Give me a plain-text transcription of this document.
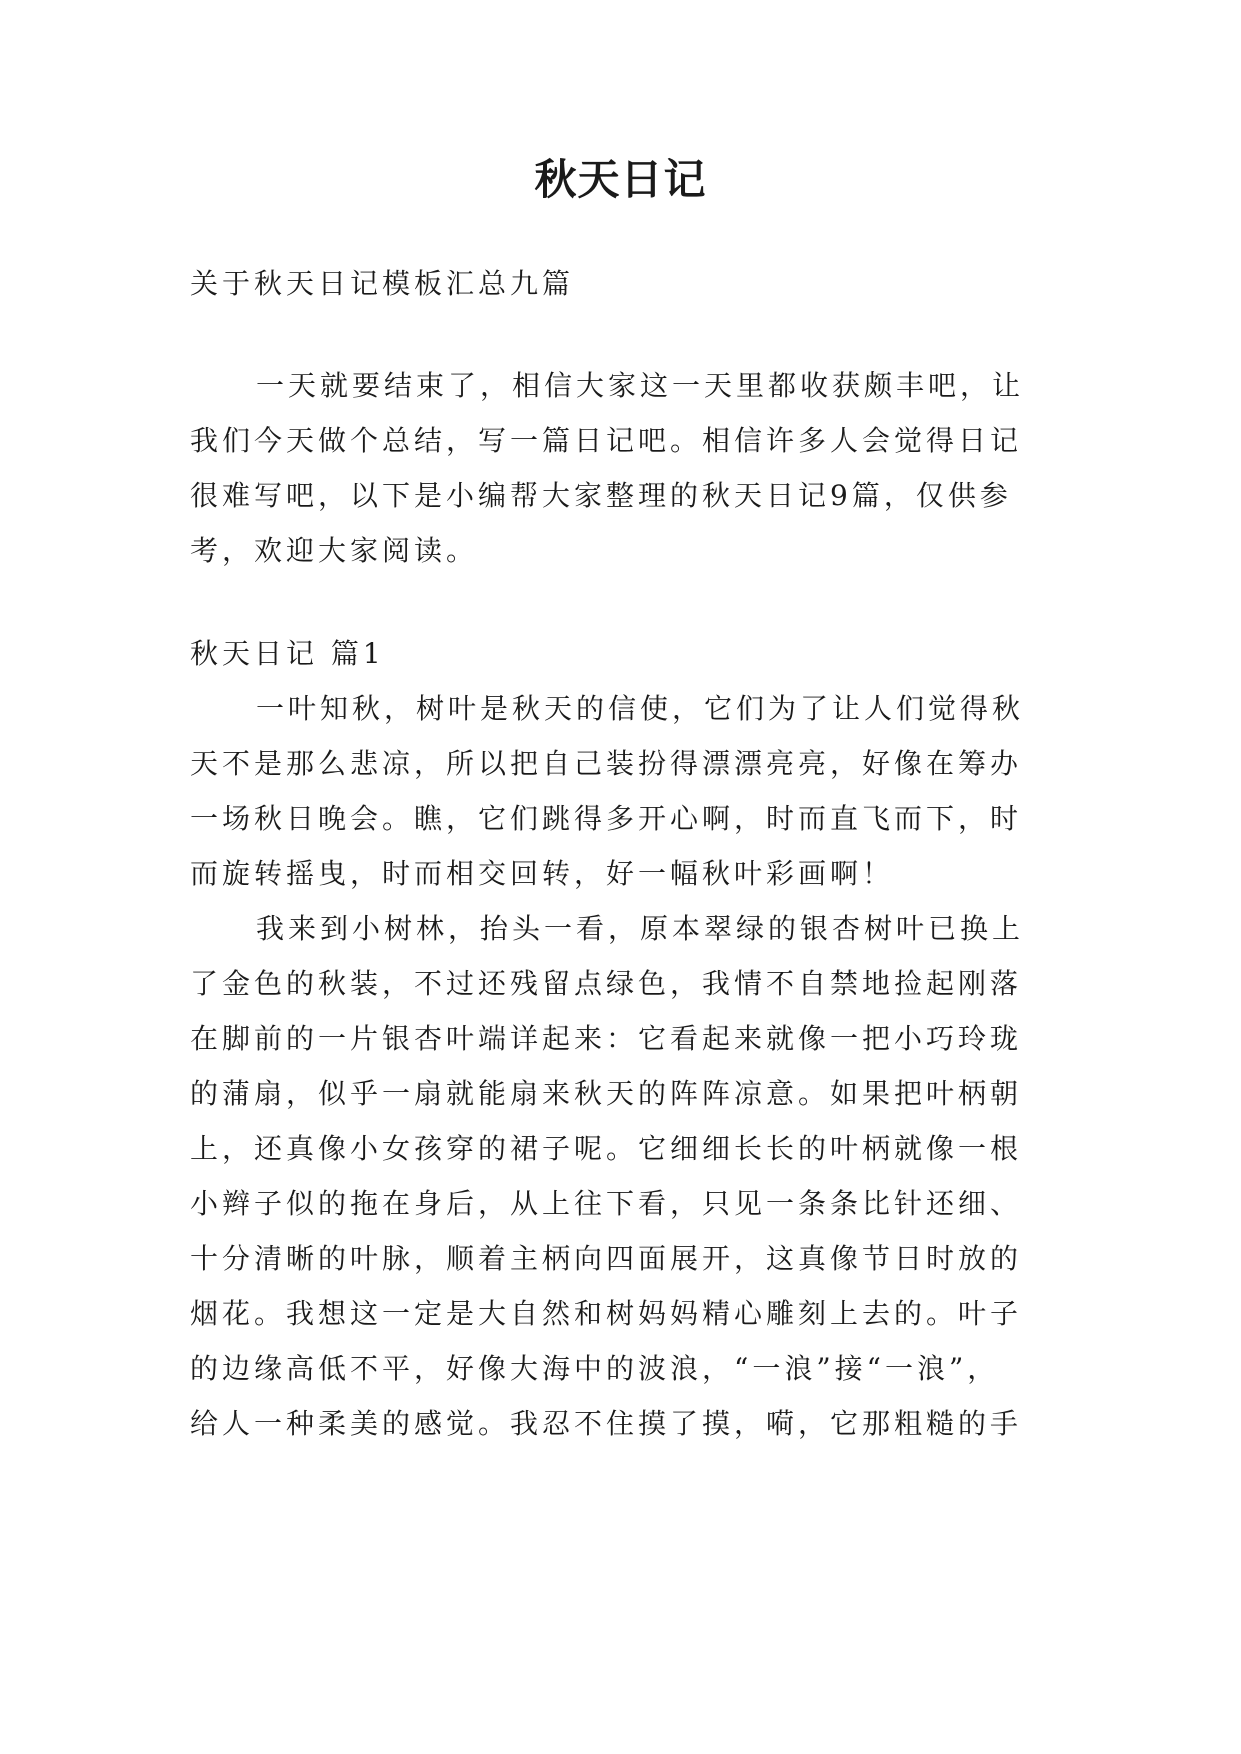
秋天日记
关于秋天日记模板汇总九篇
一天就要结束了，相信大家这一天里都收获颇丰吧，让
我们今天做个总结，写一篇日记吧。相信许多人会觉得日记
很难写吧，以下是小编帮大家整理的秋天日记9篇，仅供参
考，欢迎大家阅读。
秋天日记 篇1
一叶知秋，树叶是秋天的信使，它们为了让人们觉得秋
天不是那么悲凉，所以把自己装扮得漂漂亮亮，好像在筹办
一场秋日晚会。瞧，它们跳得多开心啊，时而直飞而下，时
而旋转摇曳，时而相交回转，好一幅秋叶彩画啊！
我来到小树林，抬头一看，原本翠绿的银杏树叶已换上
了金色的秋装，不过还残留点绿色，我情不自禁地捡起刚落
在脚前的一片银杏叶端详起来：它看起来就像一把小巧玲珑
的蒲扇，似乎一扇就能扇来秋天的阵阵凉意。如果把叶柄朝
上，还真像小女孩穿的裙子呢。它细细长长的叶柄就像一根
小辫子似的拖在身后，从上往下看，只见一条条比针还细、
十分清晰的叶脉，顺着主柄向四面展开，这真像节日时放的
烟花。我想这一定是大自然和树妈妈精心雕刻上去的。叶子
的边缘高低不平，好像大海中的波浪，“一浪”接“一浪”，
给人一种柔美的感觉。我忍不住摸了摸，嗬，它那粗糙的手
